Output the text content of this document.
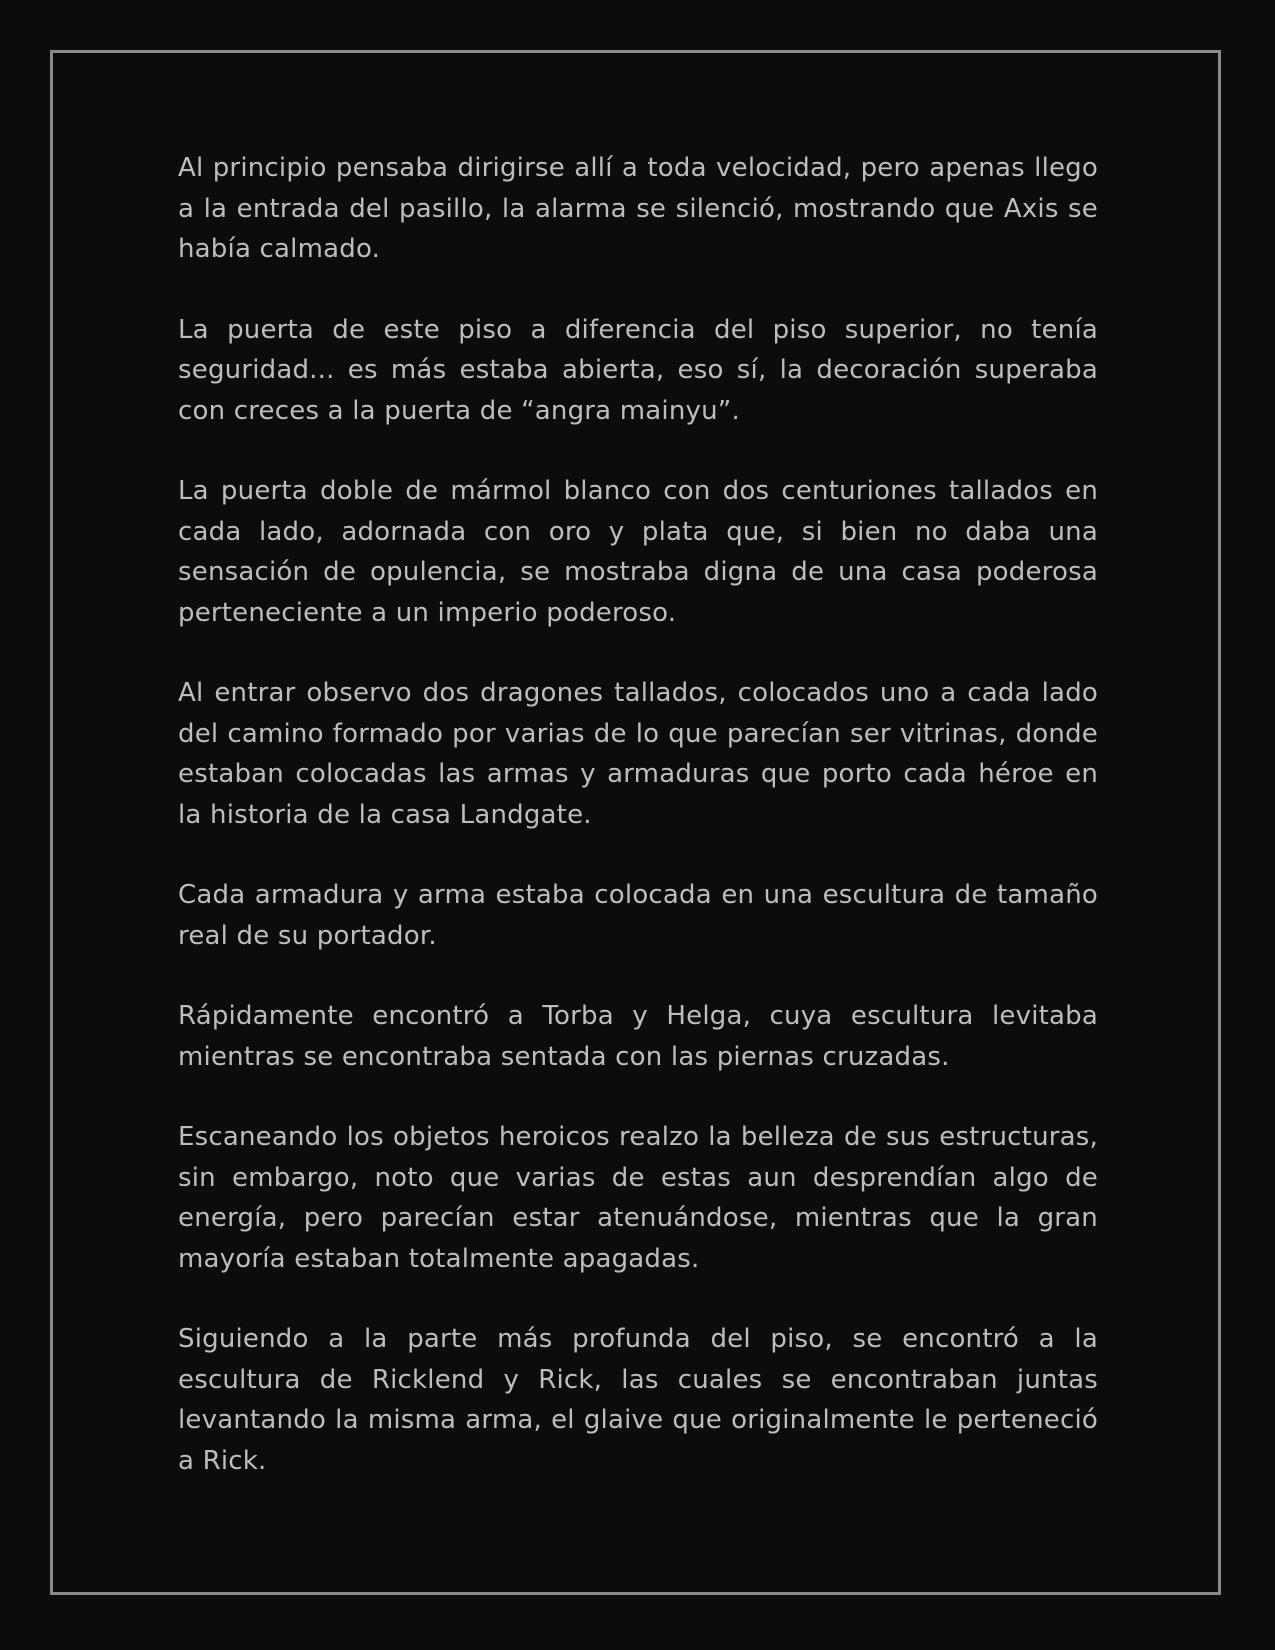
Al principio pensaba dirigirse allí a toda velocidad, pero apenas llego a la entrada del pasillo, la alarma se silenció, mostrando que Axis se había calmado.

La puerta de este piso a diferencia del piso superior, no tenía seguridad... es más estaba abierta, eso sí, la decoración superaba con creces a la puerta de “angra mainyu”.

La puerta doble de mármol blanco con dos centuriones tallados en cada lado, adornada con oro y plata que, si bien no daba una sensación de opulencia, se mostraba digna de una casa poderosa perteneciente a un imperio poderoso.

Al entrar observo dos dragones tallados, colocados uno a cada lado del camino formado por varias de lo que parecían ser vitrinas, donde estaban colocadas las armas y armaduras que porto cada héroe en la historia de la casa Landgate.

Cada armadura y arma estaba colocada en una escultura de tamaño real de su portador.

Rápidamente encontró a Torba y Helga, cuya escultura levitaba mientras se encontraba sentada con las piernas cruzadas.

Escaneando los objetos heroicos realzo la belleza de sus estructuras, sin embargo, noto que varias de estas aun desprendían algo de energía, pero parecían estar atenuándose, mientras que la gran mayoría estaban totalmente apagadas.

Siguiendo a la parte más profunda del piso, se encontró a la escultura de Ricklend y Rick, las cuales se encontraban juntas levantando la misma arma, el glaive que originalmente le perteneció a Rick.
